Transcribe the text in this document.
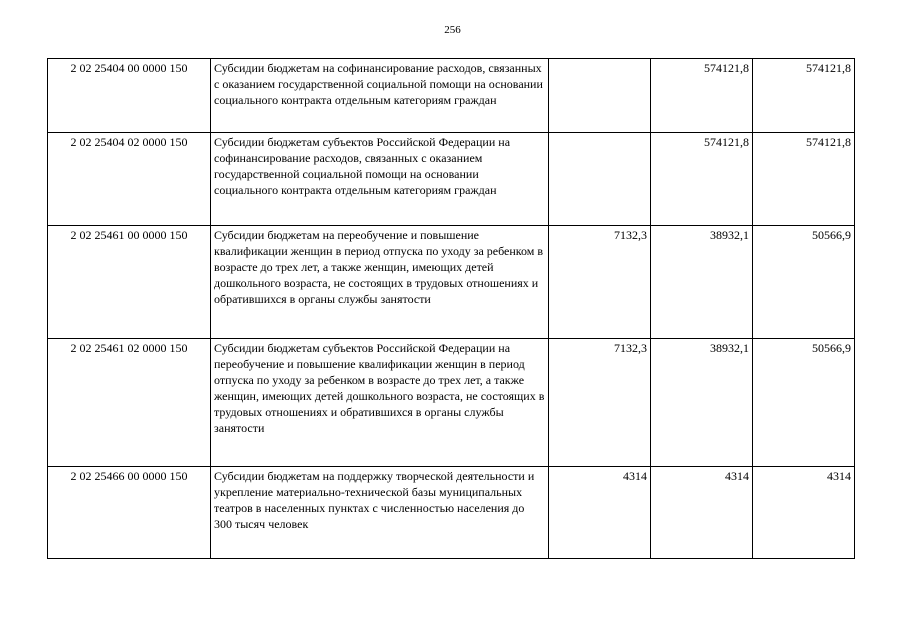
256
2 02 25404 00 0000 150	Субсидии бюджетам на софинансирование расходов, связанных с оказанием государственной социальной помощи на основании социального контракта отдельным категориям граждан		574121,8	574121,8
2 02 25404 02 0000 150	Субсидии бюджетам субъектов Российской Федерации на софинансирование расходов, связанных с оказанием государственной социальной помощи на основании социального контракта отдельным категориям граждан		574121,8	574121,8
2 02 25461 00 0000 150	Субсидии бюджетам на переобучение и повышение квалификации женщин в период отпуска по уходу за ребенком в возрасте до трех лет, а также женщин, имеющих детей дошкольного возраста, не состоящих в трудовых отношениях и обратившихся в органы службы занятости	7132,3	38932,1	50566,9
2 02 25461 02 0000 150	Субсидии бюджетам субъектов Российской Федерации на переобучение и повышение квалификации женщин в период отпуска по уходу за ребенком в возрасте до трех лет, а также женщин, имеющих детей дошкольного возраста, не состоящих в трудовых отношениях и обратившихся в органы службы занятости	7132,3	38932,1	50566,9
2 02 25466 00 0000 150	Субсидии бюджетам на поддержку творческой деятельности и укрепление материально-технической базы муниципальных театров в населенных пунктах с численностью населения до 300 тысяч человек	4314	4314	4314
